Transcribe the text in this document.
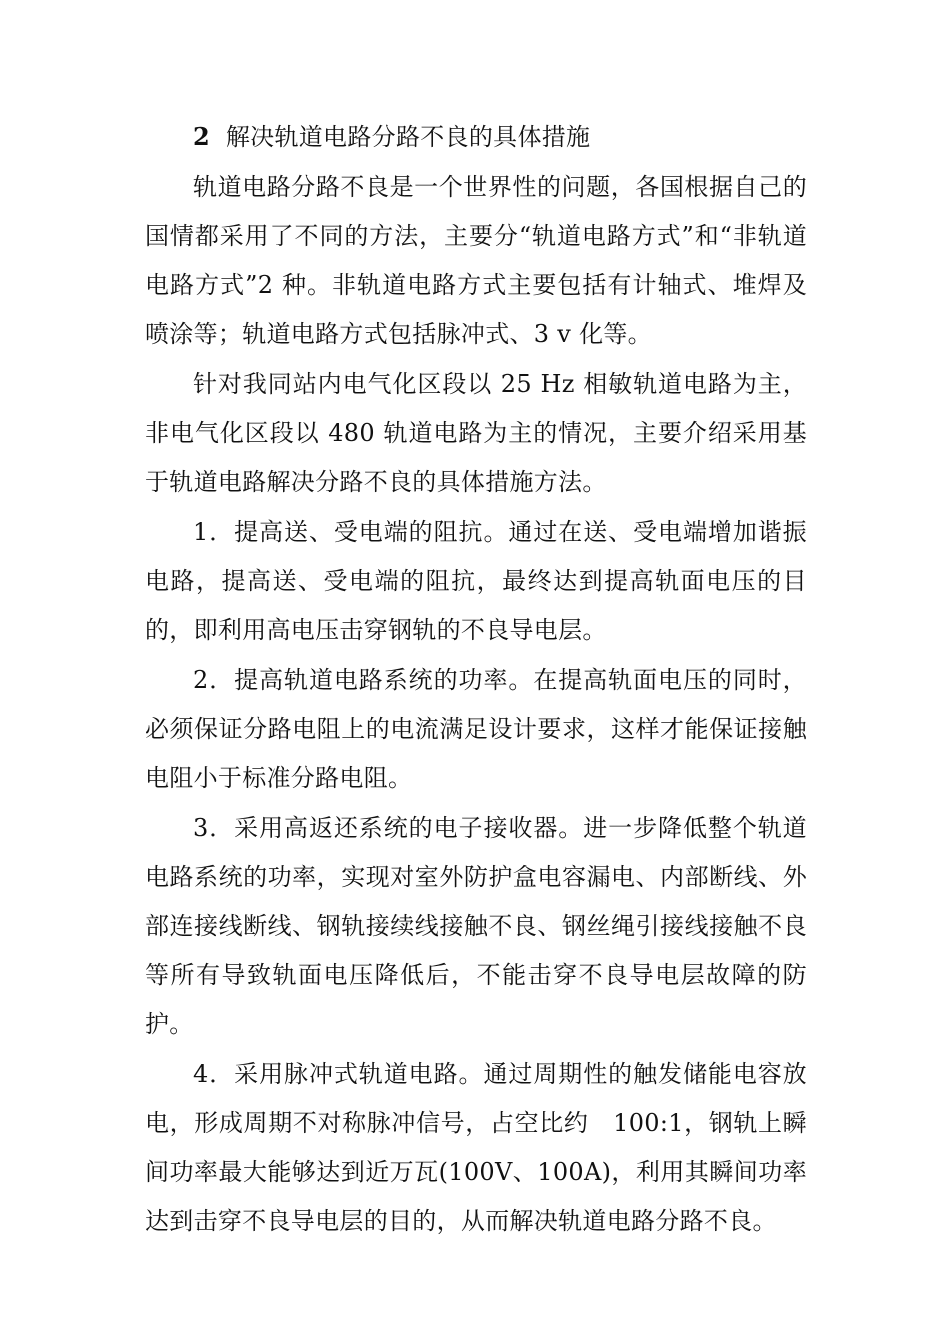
2 解决轨道电路分路不良的具体措施

轨道电路分路不良是一个世界性的问题，各国根据自己的国情都采用了不同的方法，主要分“轨道电路方式”和“非轨道电路方式”2 种。非轨道电路方式主要包括有计轴式、堆焊及喷涂等；轨道电路方式包括脉冲式、3 v 化等。

针对我同站内电气化区段以 25 Hz 相敏轨道电路为主，非电气化区段以 480 轨道电路为主的情况，主要介绍采用基于轨道电路解决分路不良的具体措施方法。

1．提高送、受电端的阻抗。通过在送、受电端增加谐振电路，提高送、受电端的阻抗，最终达到提高轨面电压的目的，即利用高电压击穿钢轨的不良导电层。

2．提高轨道电路系统的功率。在提高轨面电压的同时，必须保证分路电阻上的电流满足设计要求，这样才能保证接触电阻小于标准分路电阻。

3．采用高返还系统的电子接收器。进一步降低整个轨道电路系统的功率，实现对室外防护盒电容漏电、内部断线、外部连接线断线、钢轨接续线接触不良、钢丝绳引接线接触不良等所有导致轨面电压降低后，不能击穿不良导电层故障的防护。

4．采用脉冲式轨道电路。通过周期性的触发储能电容放电，形成周期不对称脉冲信号，占空比约　100:1，钢轨上瞬间功率最大能够达到近万瓦(100V、100A)，利用其瞬间功率达到击穿不良导电层的目的，从而解决轨道电路分路不良。
